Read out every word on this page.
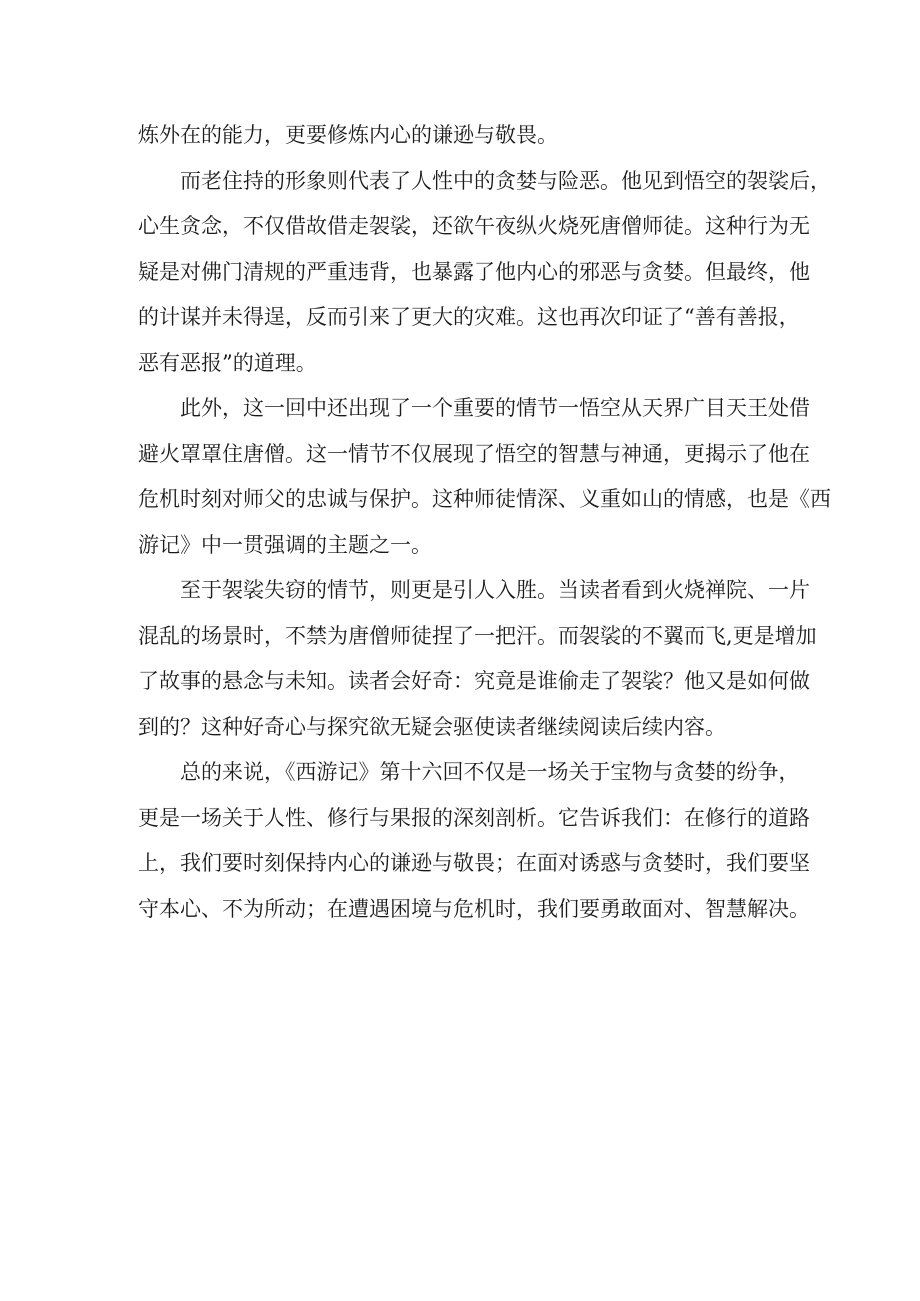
炼外在的能力，更要修炼内心的谦逊与敬畏。

而老住持的形象则代表了人性中的贪婪与险恶。他见到悟空的袈裟后，
心生贪念，不仅借故借走袈裟，还欲午夜纵火烧死唐僧师徒。这种行为无
疑是对佛门清规的严重违背，也暴露了他内心的邪恶与贪婪。但最终，他
的计谋并未得逞，反而引来了更大的灾难。这也再次印证了“善有善报，
恶有恶报”的道理。

此外，这一回中还出现了一个重要的情节一悟空从天界广目天王处借
避火罩罩住唐僧。这一情节不仅展现了悟空的智慧与神通，更揭示了他在
危机时刻对师父的忠诚与保护。这种师徒情深、义重如山的情感，也是《西
游记》中一贯强调的主题之一。

至于袈裟失窃的情节，则更是引人入胜。当读者看到火烧禅院、一片
混乱的场景时，不禁为唐僧师徒捏了一把汗。而袈裟的不翼而飞,更是增加
了故事的悬念与未知。读者会好奇：究竟是谁偷走了袈裟？他又是如何做
到的？这种好奇心与探究欲无疑会驱使读者继续阅读后续内容。

总的来说，《西游记》第十六回不仅是一场关于宝物与贪婪的纷争，
更是一场关于人性、修行与果报的深刻剖析。它告诉我们：在修行的道路
上，我们要时刻保持内心的谦逊与敬畏；在面对诱惑与贪婪时，我们要坚
守本心、不为所动；在遭遇困境与危机时，我们要勇敢面对、智慧解决。
